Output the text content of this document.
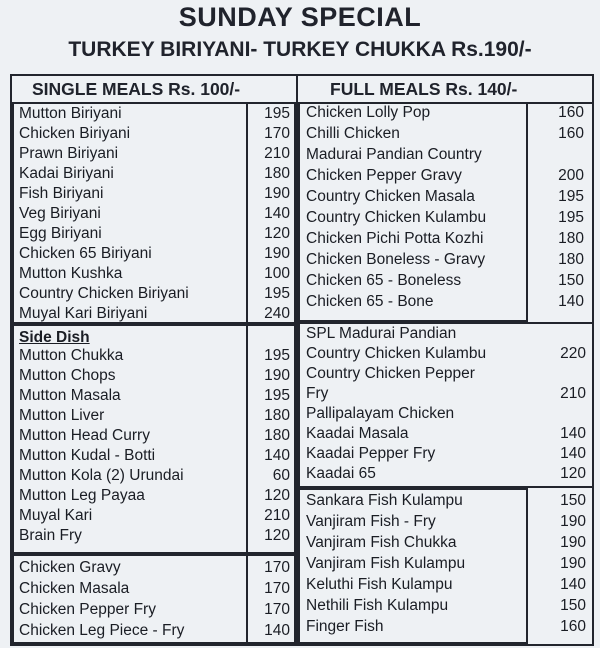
SUNDAY SPECIAL
TURKEY BIRIYANI- TURKEY CHUKKA Rs.190/-
SINGLE MEALS Rs. 100/-	FULL MEALS Rs. 140/-
Mutton Biriyani	195
Chicken Biriyani	170
Prawn Biriyani	210
Kadai Biriyani	180
Fish Biriyani	190
Veg Biriyani	140
Egg Biriyani	120
Chicken 65 Biriyani	190
Mutton Kushka	100
Country Chicken Biriyani	195
Muyal Kari Biriyani	240
Side Dish
Mutton Chukka	195
Mutton Chops	190
Mutton Masala	195
Mutton Liver	180
Mutton Head Curry	180
Mutton Kudal - Botti	140
Mutton Kola (2) Urundai	60
Mutton Leg Payaa	120
Muyal Kari	210
Brain Fry	120
Chicken Gravy	170
Chicken Masala	170
Chicken Pepper Fry	170
Chicken Leg Piece - Fry	140
Chicken Lolly Pop	160
Chilli Chicken	160
Madurai Pandian Country
Chicken Pepper Gravy	200
Country Chicken Masala	195
Country Chicken Kulambu	195
Chicken Pichi Potta Kozhi	180
Chicken Boneless - Gravy	180
Chicken 65 - Boneless	150
Chicken 65 - Bone	140
SPL Madurai Pandian
Country Chicken Kulambu	220
Country Chicken Pepper
Fry	210
Pallipalayam Chicken
Kaadai Masala	140
Kaadai Pepper Fry	140
Kaadai 65	120
Sankara Fish Kulampu	150
Vanjiram Fish - Fry	190
Vanjiram Fish Chukka	190
Vanjiram Fish Kulampu	190
Keluthi Fish Kulampu	140
Nethili Fish Kulampu	150
Finger Fish	160
